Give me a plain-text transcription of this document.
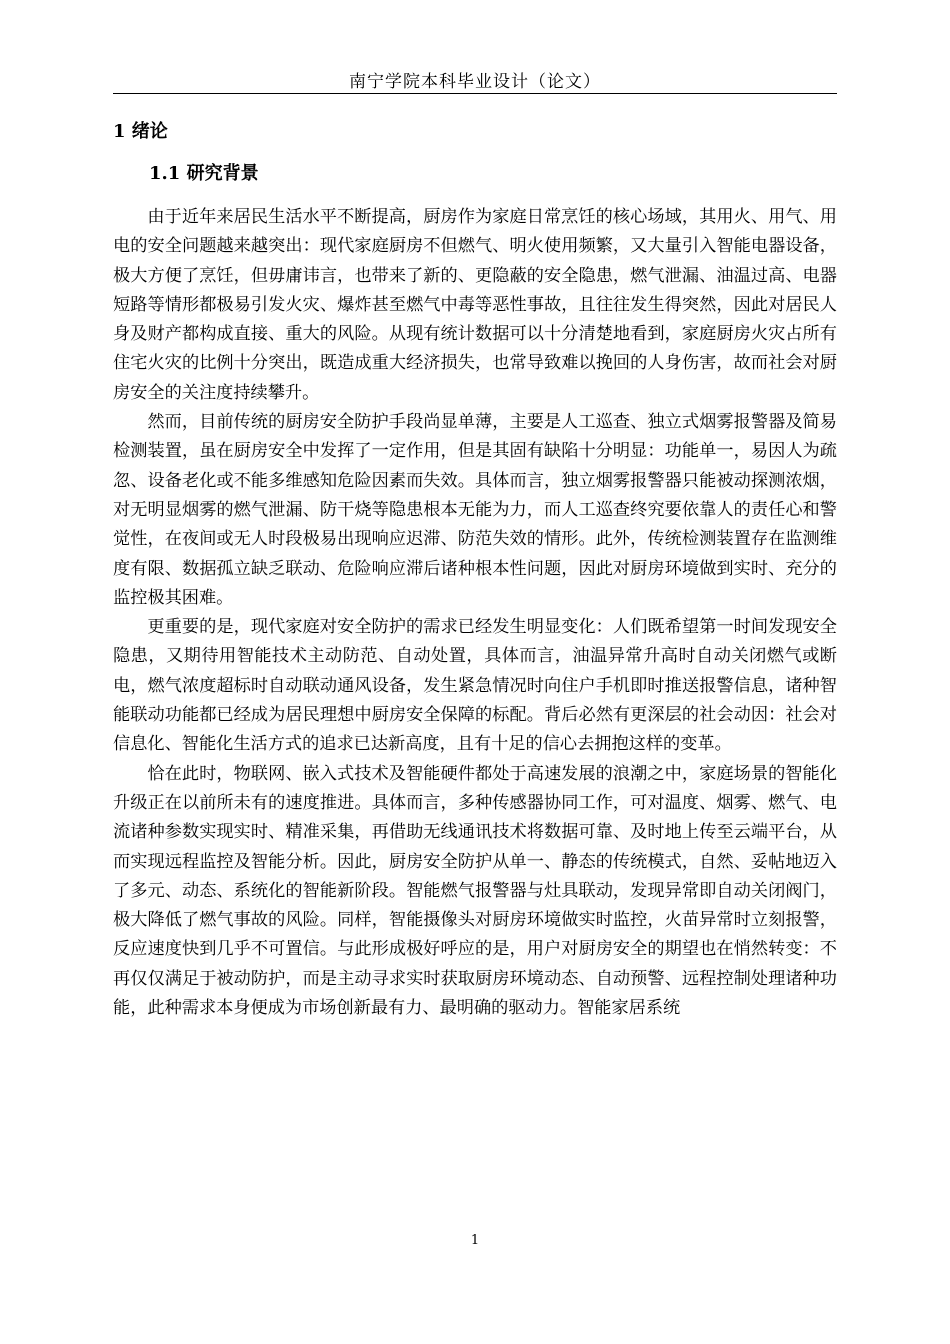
南宁学院本科毕业设计（论文）
1 绪论
1.1 研究背景

由于近年来居民生活水平不断提高，厨房作为家庭日常烹饪的核心场域，其用火、用气、用电的安全问题越来越突出：现代家庭厨房不但燃气、明火使用频繁，又大量引入智能电器设备，极大方便了烹饪，但毋庸讳言，也带来了新的、更隐蔽的安全隐患，燃气泄漏、油温过高、电器短路等情形都极易引发火灾、爆炸甚至燃气中毒等恶性事故，且往往发生得突然，因此对居民人身及财产都构成直接、重大的风险。从现有统计数据可以十分清楚地看到，家庭厨房火灾占所有住宅火灾的比例十分突出，既造成重大经济损失，也常导致难以挽回的人身伤害，故而社会对厨房安全的关注度持续攀升。

然而，目前传统的厨房安全防护手段尚显单薄，主要是人工巡查、独立式烟雾报警器及简易检测装置，虽在厨房安全中发挥了一定作用，但是其固有缺陷十分明显：功能单一，易因人为疏忽、设备老化或不能多维感知危险因素而失效。具体而言，独立烟雾报警器只能被动探测浓烟，对无明显烟雾的燃气泄漏、防干烧等隐患根本无能为力，而人工巡查终究要依靠人的责任心和警觉性，在夜间或无人时段极易出现响应迟滞、防范失效的情形。此外，传统检测装置存在监测维度有限、数据孤立缺乏联动、危险响应滞后诸种根本性问题，因此对厨房环境做到实时、充分的监控极其困难。

更重要的是，现代家庭对安全防护的需求已经发生明显变化：人们既希望第一时间发现安全隐患，又期待用智能技术主动防范、自动处置，具体而言，油温异常升高时自动关闭燃气或断电，燃气浓度超标时自动联动通风设备，发生紧急情况时向住户手机即时推送报警信息，诸种智能联动功能都已经成为居民理想中厨房安全保障的标配。背后必然有更深层的社会动因：社会对信息化、智能化生活方式的追求已达新高度，且有十足的信心去拥抱这样的变革。

恰在此时，物联网、嵌入式技术及智能硬件都处于高速发展的浪潮之中，家庭场景的智能化升级正在以前所未有的速度推进。具体而言，多种传感器协同工作，可对温度、烟雾、燃气、电流诸种参数实现实时、精准采集，再借助无线通讯技术将数据可靠、及时地上传至云端平台，从而实现远程监控及智能分析。因此，厨房安全防护从单一、静态的传统模式，自然、妥帖地迈入了多元、动态、系统化的智能新阶段。智能燃气报警器与灶具联动，发现异常即自动关闭阀门，极大降低了燃气事故的风险。同样，智能摄像头对厨房环境做实时监控，火苗异常时立刻报警，反应速度快到几乎不可置信。与此形成极好呼应的是，用户对厨房安全的期望也在悄然转变：不再仅仅满足于被动防护，而是主动寻求实时获取厨房环境动态、自动预警、远程控制处理诸种功能，此种需求本身便成为市场创新最有力、最明确的驱动力。智能家居系统

1
